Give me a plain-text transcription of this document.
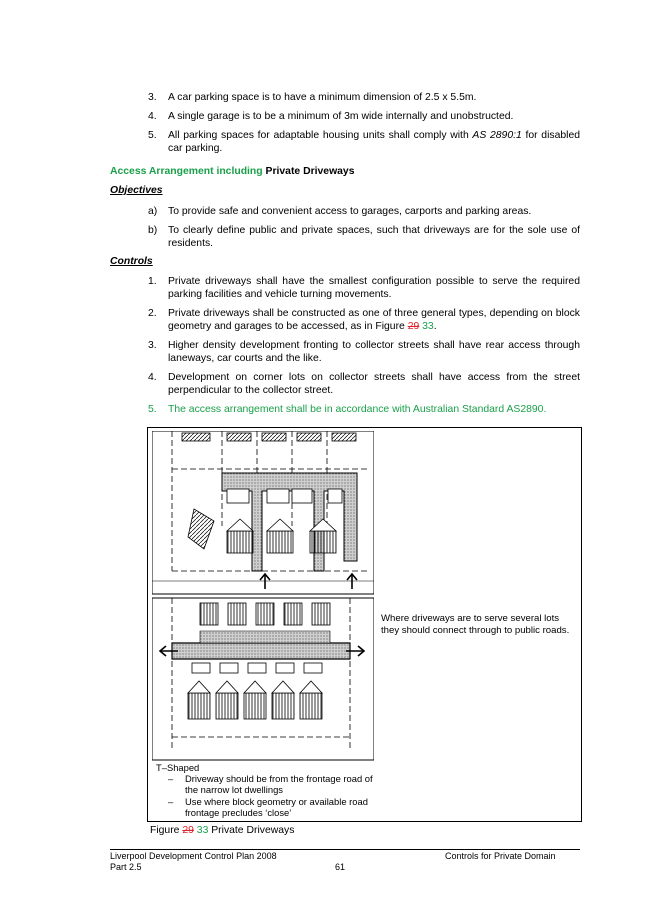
3. A car parking space is to have a minimum dimension of 2.5 x 5.5m.
4. A single garage is to be a minimum of 3m wide internally and unobstructed.
5. All parking spaces for adaptable housing units shall comply with AS 2890:1 for disabled car parking.
Access Arrangement including Private Driveways
Objectives
a) To provide safe and convenient access to garages, carports and parking areas.
b) To clearly define public and private spaces, such that driveways are for the sole use of residents.
Controls
1. Private driveways shall have the smallest configuration possible to serve the required parking facilities and vehicle turning movements.
2. Private driveways shall be constructed as one of three general types, depending on block geometry and garages to be accessed, as in Figure 29 33.
3. Higher density development fronting to collector streets shall have rear access through laneways, car courts and the like.
4. Development on corner lots on collector streets shall have access from the street perpendicular to the collector street.
5. The access arrangement shall be in accordance with Australian Standard AS2890.
Where driveways are to serve several lots they should connect through to public roads.
T–Shaped
– Driveway should be from the frontage road of the narrow lot dwellings
– Use where block geometry or available road frontage precludes ‘close’
Figure 29 33 Private Driveways
Liverpool Development Control Plan 2008
Part 2.5	61
Controls for Private Domain
